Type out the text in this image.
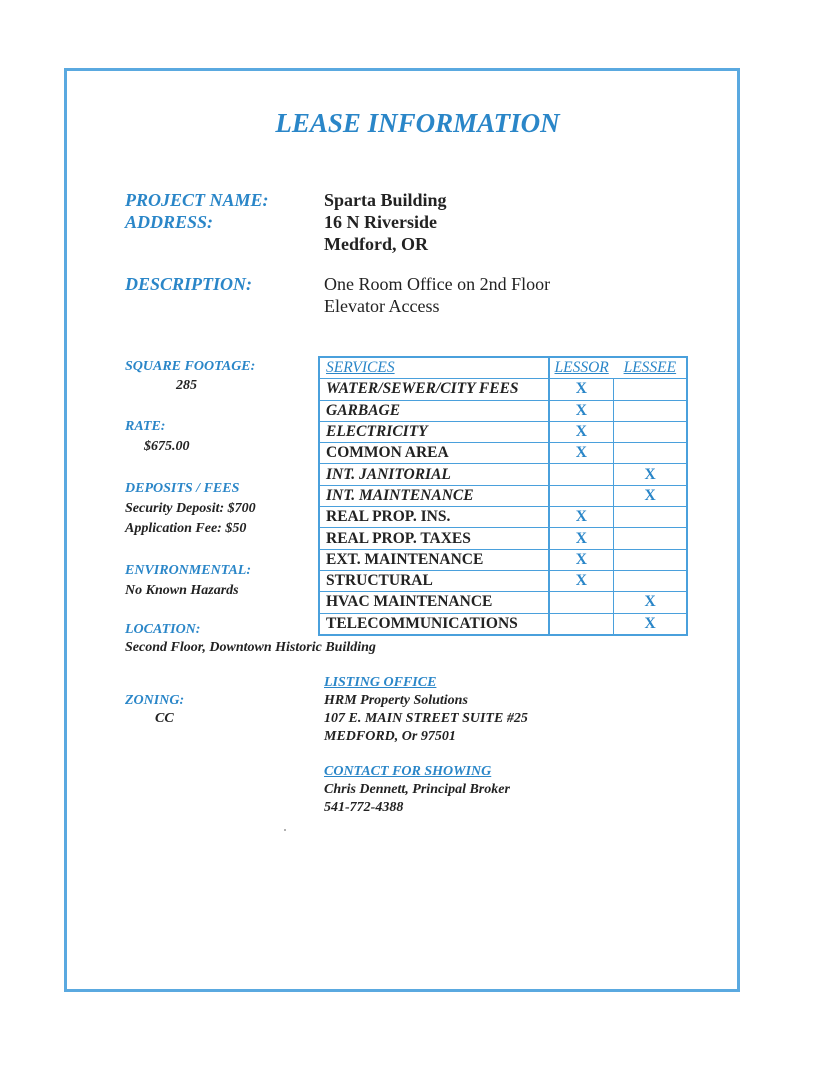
LEASE INFORMATION
PROJECT NAME:	Sparta Building
ADDRESS:	16 N Riverside
Medford, OR
DESCRIPTION:	One Room Office on 2nd Floor
Elevator Access
SQUARE FOOTAGE:
285
RATE:
$675.00
DEPOSITS / FEES
Security Deposit: $700
Application Fee: $50
ENVIRONMENTAL:
No Known Hazards
SERVICES	LESSOR	LESSEE
WATER/SEWER/CITY FEES	X	
GARBAGE	X	
ELECTRICITY	X	
COMMON AREA	X	
INT. JANITORIAL		X
INT. MAINTENANCE		X
REAL PROP. INS.	X	
REAL PROP. TAXES	X	
EXT. MAINTENANCE	X	
STRUCTURAL	X	
HVAC MAINTENANCE		X
TELECOMMUNICATIONS		X
LOCATION:
Second Floor, Downtown Historic Building
LISTING OFFICE
ZONING:
CC
HRM Property Solutions
107 E. MAIN STREET SUITE #25
MEDFORD, Or 97501
CONTACT FOR SHOWING
Chris Dennett, Principal Broker
541-772-4388
